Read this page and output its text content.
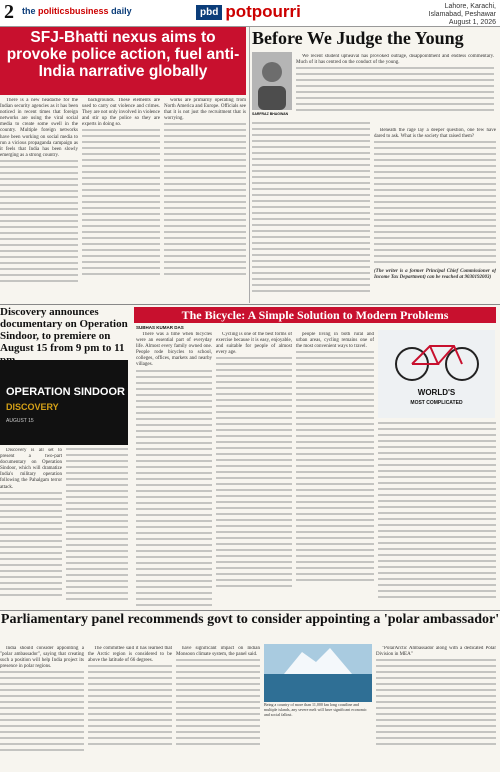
2 the politicsbusiness daily	pbd potpourri	Lahore, Karachi,
Islamabad, Peshawar
August 1, 2026
SFJ-Bhatti nexus aims to provoke police action, fuel anti-India narrative globally

There is a new headache for the Indian security agencies as it has been noticed in recent times that foreign networks are using the viral social media to create some swell in the country. Multiple foreign networks have been working on social media to run a vicious propaganda campaign as it feels that India has been slowly emerging as a strong country.

backgrounds. These elements are used to carry out violence and crimes. They are not only involved in violence and stir up the police so they are experts in doing so.

works are primarily operating from North America and Europe. Officials see that it is not just the recruitment that is worrying.

Before We Judge the Young
SARFRAZ BHAGWAN

We recent student upheaval has provoked outrage, disappointment and endless commentary. Much of it has centred on the conduct of the young.

Beneath the rage lay a deeper question, one few have dared to ask. What is the society that raised them?

(The writer is a former Principal Chief Commissioner of Income Tax Department) can be reached at 9030192003)

Discovery announces documentary on Operation Sindoor, to premiere on August 15 from 9 pm to 11

Discovery is all set to present a two-part documentary on Operation Sindoor, which will dramatize India's military operation following the Pahalgam terror attack.

OPERATION SINDOOR
DISCOVERY
AUGUST 15
The Bicycle: A Simple Solution to Modern Problems
SUBHAS KUMAR DAS

There was a time when bicycles were an essential part of everyday life. Almost every family owned one. People rode bicycles to school, colleges, offices, markets and nearby villages.

Cycling is one of the best forms of exercise because it is easy, enjoyable, and suitable for people of almost every age.

people living in both rural and urban areas, cycling remains one of the most convenient ways to travel.

WORLD'S
MOST COMPLICATED
Parliamentary panel recommends govt to consider appointing a 'polar ambassador'

India should consider appointing a "polar ambassador", saying that creating such a position will help India project its presence in polar regions.

The committee said it has learned that the Arctic region is considered to be above the latitude of 66 degrees.

have significant impact on Indian Monsoon climate system, the panel said.

Being a country of more than 11,000 km long coastline and multiple islands, any severe melt will have significant economic and social fallout.

"PolarArctic Ambassador along with a dedicated Polar Division in MEA"
